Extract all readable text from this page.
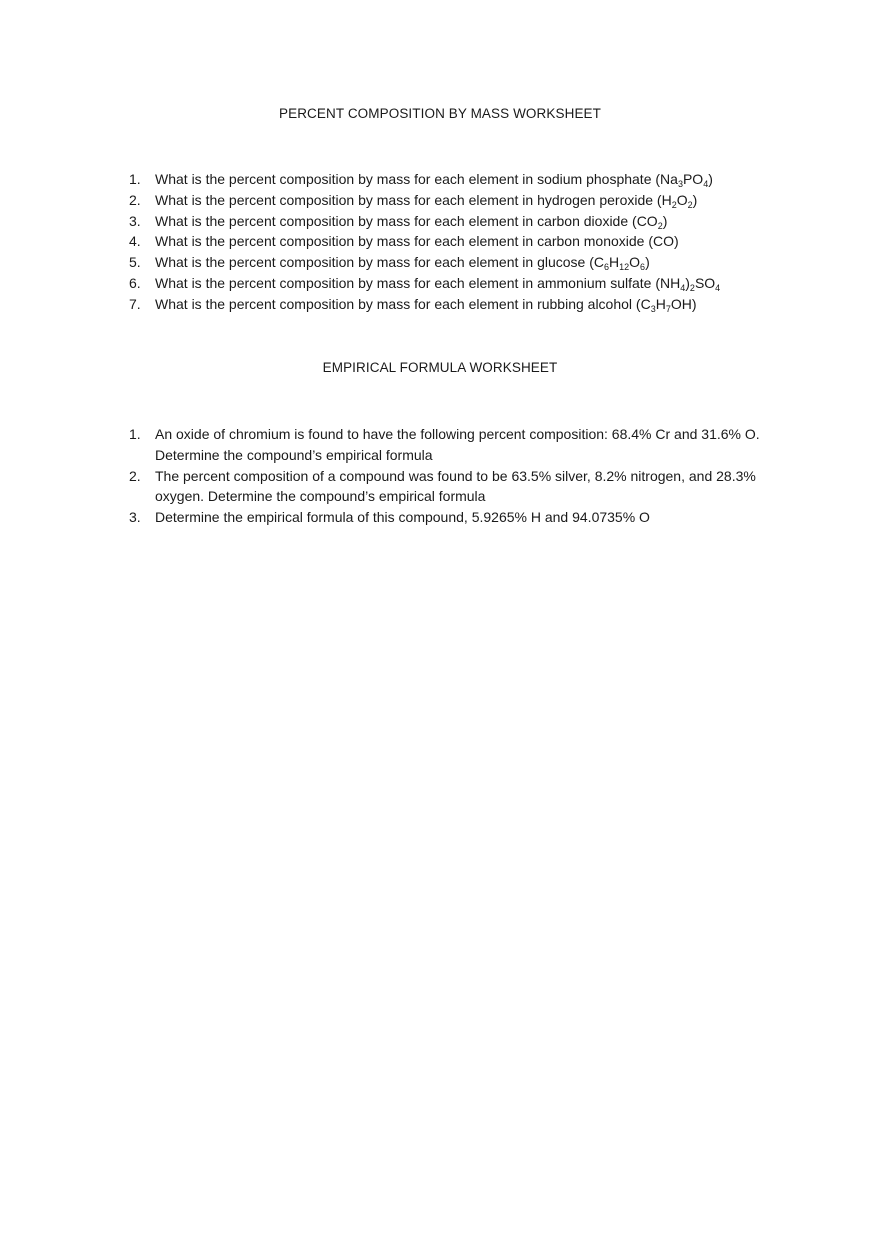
PERCENT COMPOSITION BY MASS WORKSHEET
1. What is the percent composition by mass for each element in sodium phosphate $(Na_3PO_4)$
2. What is the percent composition by mass for each element in hydrogen peroxide $(H_2O_2)$
3. What is the percent composition by mass for each element in carbon dioxide $(CO_2)$
4. What is the percent composition by mass for each element in carbon monoxide (CO)
5. What is the percent composition by mass for each element in glucose $(C_6H_{12}O_6)$
6. What is the percent composition by mass for each element in ammonium sulfate $(NH_4)_2SO_4$
7. What is the percent composition by mass for each element in rubbing alcohol $(C_3H_7OH)$
EMPIRICAL FORMULA WORKSHEET
1. An oxide of chromium is found to have the following percent composition: 68.4% Cr and 31.6% O. Determine the compound’s empirical formula
2. The percent composition of a compound was found to be 63.5% silver, 8.2% nitrogen, and 28.3% oxygen. Determine the compound’s empirical formula
3. Determine the empirical formula of this compound, 5.9265% H and 94.0735% O
